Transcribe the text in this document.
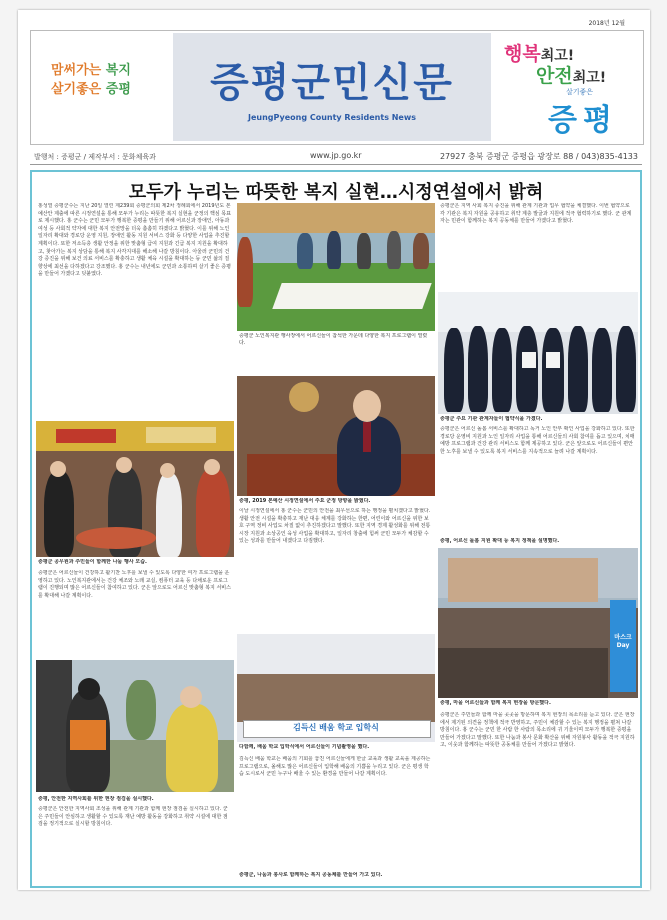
2018년 12월
맘써가는 복지
살기좋은 증평	증평군민신문
JeungPyeong County Residents News
행복최고!
안전최고!
살기좋은
증평
발행처 : 증평군 / 제작부서 : 문화체육과	www.jp.go.kr	27927 충북 증평군 증평읍 광장로 88 / 043)835-4133
모두가 누리는 따뜻한 복지 실현…시정연설에서 밝혀
홍성열 증평군수는 지난 20일 열린 제239회 증평군의회 제2차 정례회에서 2019년도 본예산안 제출에 따른 시정연설을 통해 모두가 누리는 따뜻한 복지 실현을 군정의 핵심 목표로 제시했다. 홍 군수는 군민 모두가 행복한 증평을 만들기 위해 어르신과 장애인, 아동과 여성 등 사회적 약자에 대한 복지 안전망을 더욱 촘촘히 하겠다고 밝혔다. 이를 위해 노인 일자리 확대와 경로당 운영 지원, 장애인 활동 지원 서비스 강화 등 다양한 사업을 추진할 계획이다. 또한 저소득층 생활 안정을 위한 맞춤형 급여 지원과 긴급 복지 지원을 확대하고, 찾아가는 복지 상담을 통해 복지 사각지대를 해소해 나갈 방침이다. 아울러 군민의 건강 증진을 위해 보건 의료 서비스를 확충하고 생활 체육 시설을 확대하는 등 군민 삶의 질 향상에 최선을 다하겠다고 강조했다. 홍 군수는 내년에도 군민과 소통하며 살기 좋은 증평을 만들어 가겠다고 덧붙였다.
증평군 공무원과 주민들이 함께한 나눔 행사 모습.
증평군은 어르신들이 건강하고 활기찬 노후를 보낼 수 있도록 다양한 여가 프로그램을 운영하고 있다. 노인복지관에서는 건강 체조와 노래 교실, 컴퓨터 교육 등 다채로운 프로그램이 진행되며 많은 어르신들이 참여하고 있다. 군은 앞으로도 어르신 맞춤형 복지 서비스를 확대해 나갈 계획이다.
증평, 안전한 지역사회를 위한 현장 점검을 실시했다.
증평군은 안전한 지역사회 조성을 위해 관계 기관과 함께 현장 점검을 실시하고 있다. 군은 주민들이 안심하고 생활할 수 있도록 재난 예방 활동을 강화하고 취약 시설에 대한 점검을 정기적으로 실시할 방침이다.
증평군 노인복지관 행사장에서 어르신들이 참석한 가운데 다양한 복지 프로그램이 열렸다.
증평, 2019 본예산 시정연설에서 주요 군정 방향을 밝혔다.
이날 시정연설에서 홍 군수는 군민의 안전을 최우선으로 하는 행정을 펼치겠다고 밝혔다. 생활 안전 시설을 확충하고 재난 대응 체계를 강화하는 한편, 어린이와 어르신을 위한 보호 구역 정비 사업도 차질 없이 추진하겠다고 말했다. 또한 지역 경제 활성화를 위해 전통시장 지원과 소상공인 육성 사업을 확대하고, 일자리 창출에 힘써 군민 모두가 체감할 수 있는 성과를 만들어 내겠다고 다짐했다.
김득신 배움 학교 입학식
다함께, 배움 학교 입학식에서 어르신들이 기념촬영을 했다.
김득신 배움 학교는 배움의 기회를 놓친 어르신들에게 한글 교육과 생활 교육을 제공하는 프로그램으로, 올해도 많은 어르신들이 입학해 배움의 기쁨을 누리고 있다. 군은 평생 학습 도시로서 군민 누구나 배울 수 있는 환경을 만들어 나갈 계획이다.
증평군은 지역 사회 복지 증진을 위해 관계 기관과 업무 협약을 체결했다. 이번 협약으로 각 기관은 복지 자원을 공유하고 취약 계층 발굴과 지원에 적극 협력하기로 했다. 군 관계자는 민관이 함께하는 복지 공동체를 만들어 가겠다고 밝혔다.
증평군 주요 기관 관계자들이 협약식을 가졌다.
증평군은 어르신 돌봄 서비스를 확대하고 독거 노인 안부 확인 사업을 강화하고 있다. 또한 경로당 운영비 지원과 노인 일자리 사업을 통해 어르신들의 사회 참여를 돕고 있으며, 치매 예방 프로그램과 건강 관리 서비스도 함께 제공하고 있다. 군은 앞으로도 어르신들이 편안한 노후를 보낼 수 있도록 복지 서비스를 지속적으로 늘려 나갈 계획이다.
증평, 어르신 돌봄 지원 확대 등 복지 정책을 설명했다.
마스크 Day
증평, 마을 어르신들과 함께 복지 현장을 방문했다.
증평군은 주민들과 함께 마을 곳곳을 방문하며 복지 현장의 목소리를 듣고 있다. 군은 현장에서 제기된 의견을 정책에 적극 반영하고, 주민이 체감할 수 있는 복지 행정을 펼쳐 나갈 방침이다. 홍 군수는 군민 한 사람 한 사람의 목소리에 귀 기울이며 모두가 행복한 증평을 만들어 가겠다고 말했다. 또한 나눔과 봉사 문화 확산을 위해 자원봉사 활동을 적극 지원하고, 이웃과 함께하는 따뜻한 공동체를 만들어 가겠다고 밝혔다.
증평군, 나눔과 봉사로 함께하는 복지 공동체를 만들어 가고 있다.
